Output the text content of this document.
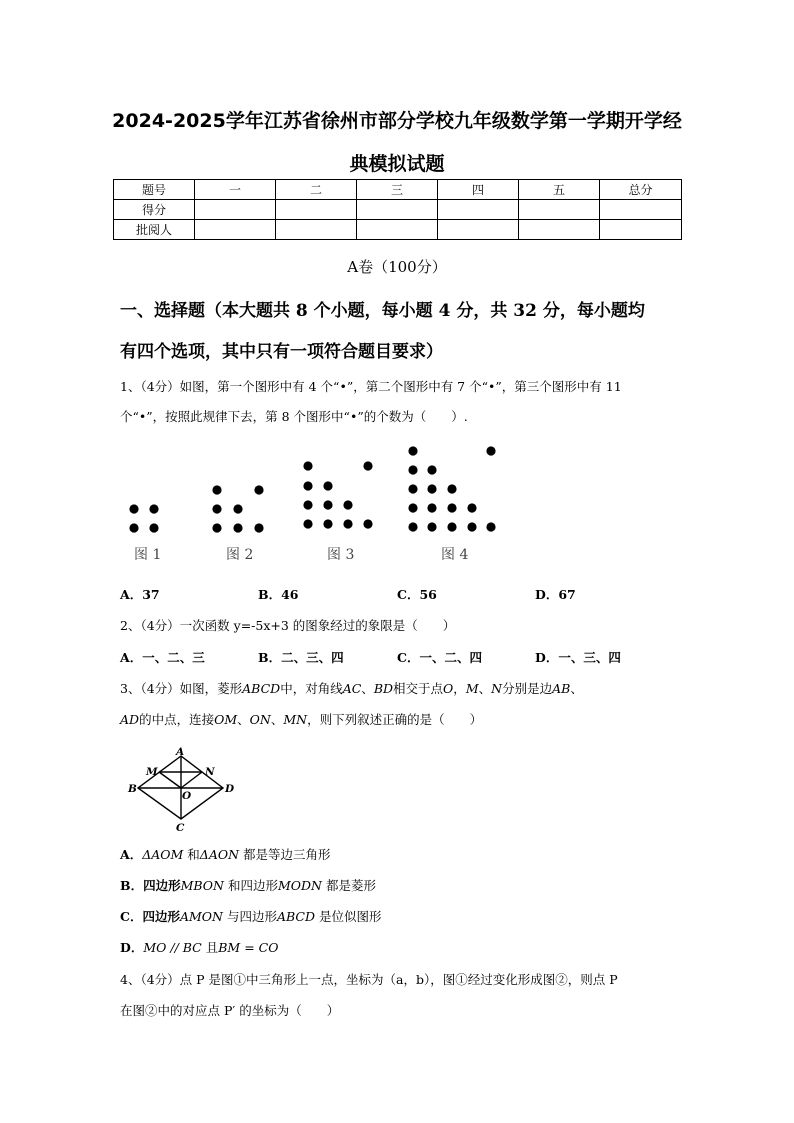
2024-2025学年江苏省徐州市部分学校九年级数学第一学期开学经
典模拟试题
题号	一	二	三	四	五	总分
得分						
批阅人						
A卷（100分）
一、选择题（本大题共 8 个小题，每小题 4 分，共 32 分，每小题均
有四个选项，其中只有一项符合题目要求）
1、（4分）如图，第一个图形中有 4 个“•”，第二个图形中有 7 个“•”，第三个图形中有 11
个“•”，按照此规律下去，第 8 个图形中“•”的个数为（　　）.
图 1	图 2	图 3	图 4
A．37	B．46	C．56	D．67
2、（4分）一次函数 y=-5x+3 的图象经过的象限是（　　）
A．一、二、三	B．二、三、四	C．一、二、四	D．一、三、四
3、（4分）如图，菱形ABCD中，对角线AC、BD相交于点O，M、N分别是边AB、
AD的中点，连接OM、ON、MN，则下列叙述正确的是（　　）
A
M	N
B
O
D
C
A．ΔAOM 和ΔAON 都是等边三角形
B．四边形MBON 和四边形MODN 都是菱形
C．四边形AMON 与四边形ABCD 是位似图形
D．MO // BC 且BM = CO
4、（4分）点 P 是图①中三角形上一点，坐标为（a，b），图①经过变化形成图②，则点 P
在图②中的对应点 P′ 的坐标为（　　）
